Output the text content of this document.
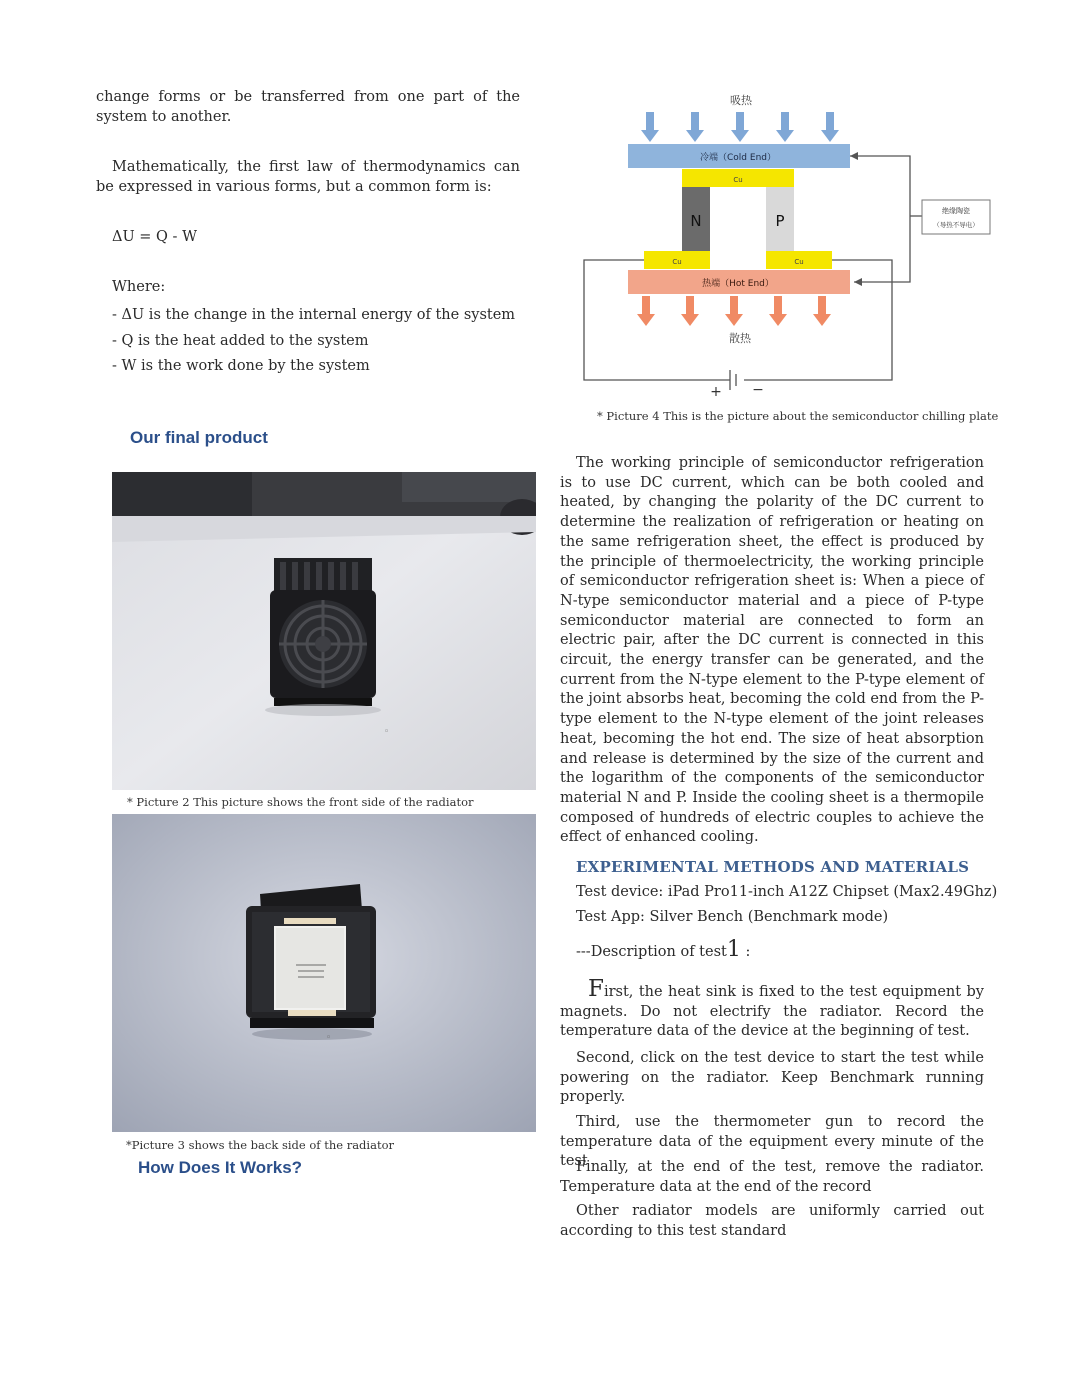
change forms or be transferred from one part of the system to another.
Mathematically, the first law of thermodynamics can be expressed in various forms, but a common form is:
ΔU = Q - W
Where:
- ΔU is the change in the internal energy of the system
- Q is the heat added to the system
- W is the work done by the system
Our final product
◦
* Picture 2 This picture shows the front side of the radiator
◦
*Picture 3 shows the back side of the radiator
How Does It Works?
吸热
冷端（Cold End）
Cu
N	P
Cu	Cu
热端（Hot End）
散热
绝缘陶瓷
（导热不导电）
+ −
* Picture 4 This is the picture about the semiconductor chilling plate
The working principle of semiconductor refrigeration is to use DC current, which can be both cooled and heated, by changing the polarity of the DC current to determine the realization of refrigeration or heating on the same refrigeration sheet, the effect is produced by the principle of thermoelectricity, the working principle of semiconductor refrigeration sheet is: When a piece of N-type semiconductor material and a piece of P-type semiconductor material are connected to form an electric pair, after the DC current is connected in this circuit, the energy transfer can be generated, and the current from the N-type element to the P-type element of the joint absorbs heat, becoming the cold end from the P-type element to the N-type element of the joint releases heat, becoming the hot end. The size of heat absorption and release is determined by the size of the current and the logarithm of the components of the semiconductor material N and P. Inside the cooling sheet is a thermopile composed of hundreds of electric couples to achieve the effect of enhanced cooling.
EXPERIMENTAL METHODS AND MATERIALS
Test device: iPad Pro11-inch A12Z Chipset (Max2.49Ghz)
Test App: Silver Bench (Benchmark mode)
---Description of test1 :
First, the heat sink is fixed to the test equipment by magnets. Do not electrify the radiator. Record the temperature data of the device at the beginning of test.
Second, click on the test device to start the test while powering on the radiator. Keep Benchmark running properly.
Third, use the thermometer gun to record the temperature data of the equipment every minute of the test
Finally, at the end of the test, remove the radiator. Temperature data at the end of the record
Other radiator models are uniformly carried out according to this test standard
